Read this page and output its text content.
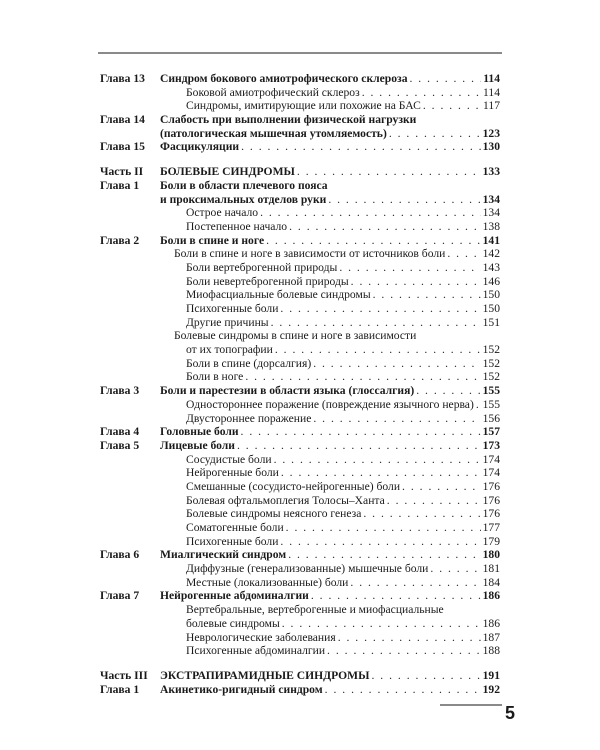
Глава 13 Синдром бокового амиотрофического склероза . . .	114
Боковой амиотрофический склероз . . .	114
Синдромы, имитирующие или похожие на БАС . . .	117
Глава 14 Слабость при выполнении физической нагрузки
(патологическая мышечная утомляемость) . . .	123
Глава 15 Фасцикуляции . . .	130
Часть II БОЛЕВЫЕ СИНДРОМЫ . . .	133
Глава 1 Боли в области плечевого пояса
и проксимальных отделов руки . . .	134
Острое начало . . .	134
Постепенное начало . . .	138
Глава 2 Боли в спине и ноге . . .	141
Боли в спине и ноге в зависимости от источников боли . . .	142
Боли вертеброгенной природы . . .	143
Боли невертеброгенной природы . . .	146
Миофасциальные болевые синдромы . . .	150
Психогенные боли . . .	150
Другие причины . . .	151
Болевые синдромы в спине и ноге в зависимости
от их топографии . . .	152
Боли в спине (дорсалгия) . . .	152
Боли в ноге . . .	152
Глава 3 Боли и парестезии в области языка (глоссалгия) . . .	155
Одностороннее поражение (повреждение язычного нерва) . . . 155
Двустороннее поражение . . .	156
Глава 4 Головные боли . . .	157
Глава 5 Лицевые боли . . .	173
Сосудистые боли . . .	174
Нейрогенные боли . . .	174
Смешанные (сосудисто-нейрогенные) боли . . .	176
Болевая офтальмоплегия Толосы–Ханта . . .	176
Болевые синдромы неясного генеза . . .	176
Соматогенные боли . . .	177
Психогенные боли . . .	179
Глава 6 Миалгический синдром . . .	180
Диффузные (генерализованные) мышечные боли . . .	181
Местные (локализованные) боли . . .	184
Глава 7 Нейрогенные абдоминалгии . . .	186
Вертебральные, вертеброгенные и миофасциальные
болевые синдромы . . .	186
Неврологические заболевания . . .	187
Психогенные абдоминалгии . . .	188
Часть III ЭКСТРАПИРАМИДНЫЕ СИНДРОМЫ . . .	191
Глава 1 Акинетико-ригидный синдром . . .	192
5
